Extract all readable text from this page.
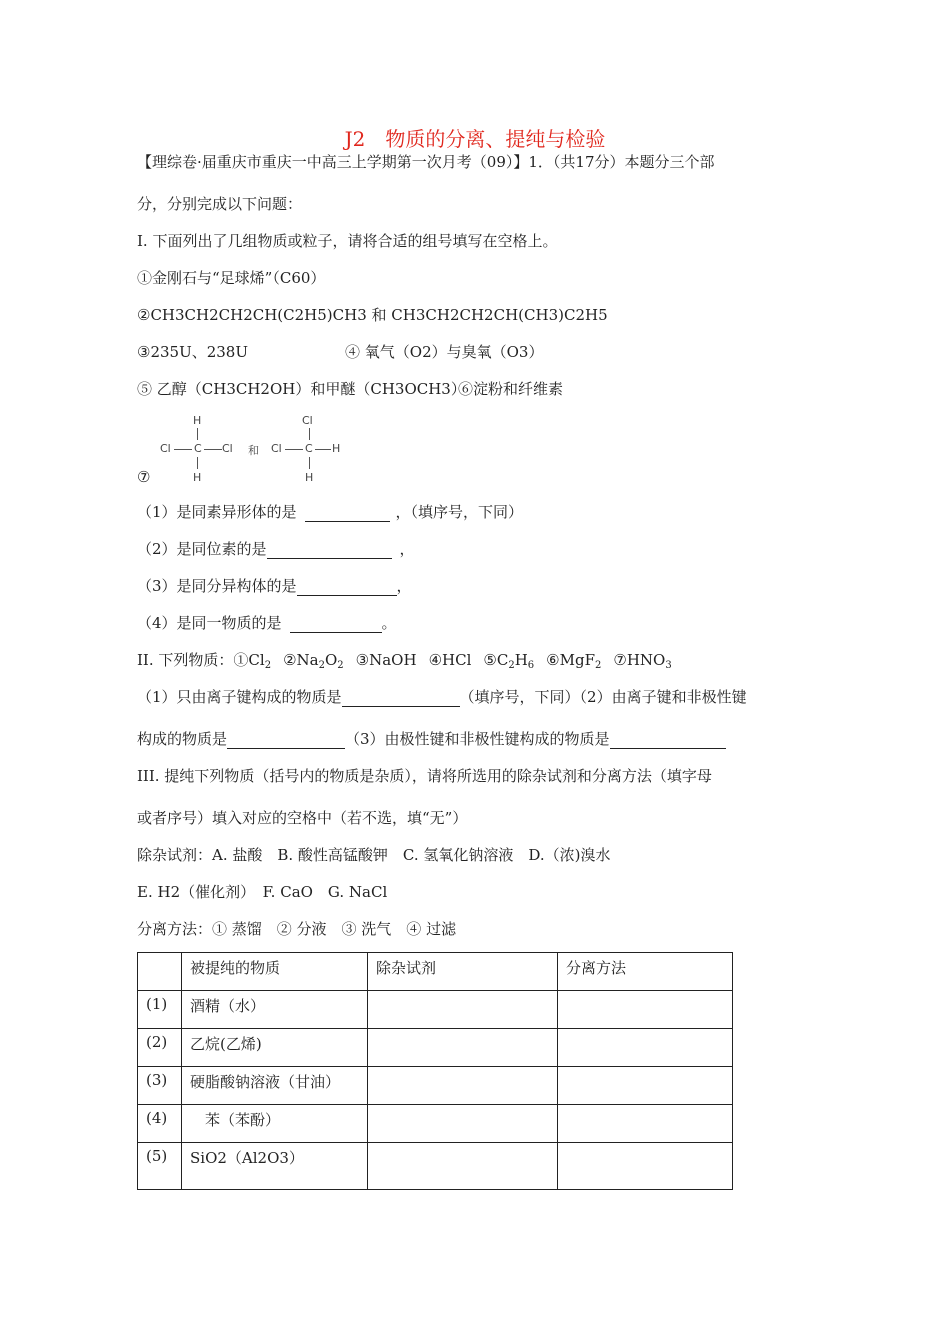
J2　物质的分离、提纯与检验
【理综卷·届重庆市重庆一中高三上学期第一次月考（09）】1．（共17分）本题分三个部
分，分别完成以下问题：
I. 下面列出了几组物质或粒子，请将合适的组号填写在空格上。
①金刚石与“足球烯”（C60）
②CH3CH2CH2CH(C2H5)CH3 和 CH3CH2CH2CH(CH3)C2H5
③235U、238U	④ 氧气（O2）与臭氧（O3）
⑤ 乙醇（CH3CH2OH）和甲醚（CH3OCH3）
⑥淀粉和纤维素
H
Cl C Cl
H
和
Cl
Cl C H
H
⑦
（1）是同素异形体的是	，（填序号，下同）
（2）是同位素的是	，
（3）是同分异构体的是	，
（4）是同一物质的是	。
II. 下列物质：$①Cl_2$ $②Na_2O_2$ ③NaOH ④HCl $⑤C_2H_6$ ⑥MgF$_2$ $⑦HNO_3$
（1）只由离子键构成的物质是	（填序号，下同）（2）由离子键和非极性键
构成的物质是	（3）由极性键和非极性键构成的物质是
III. 提纯下列物质（括号内的物质是杂质），请将所选用的除杂试剂和分离方法（填字母
或者序号）填入对应的空格中（若不选，填“无”）
除杂试剂：A. 盐酸　B. 酸性高锰酸钾　C. 氢氧化钠溶液　D.（浓)溴水
E. H2（催化剂）　F. CaO　G. NaCl
分离方法：① 蒸馏　② 分液　③ 洗气　④ 过滤
	被提纯的物质	除杂试剂	分离方法
(1)	酒精（水）		
(2)	乙烷(乙烯)		
(3)	硬脂酸钠溶液（甘油）		
(4)	　苯（苯酚）		
(5)	SiO2（Al2O3）		
